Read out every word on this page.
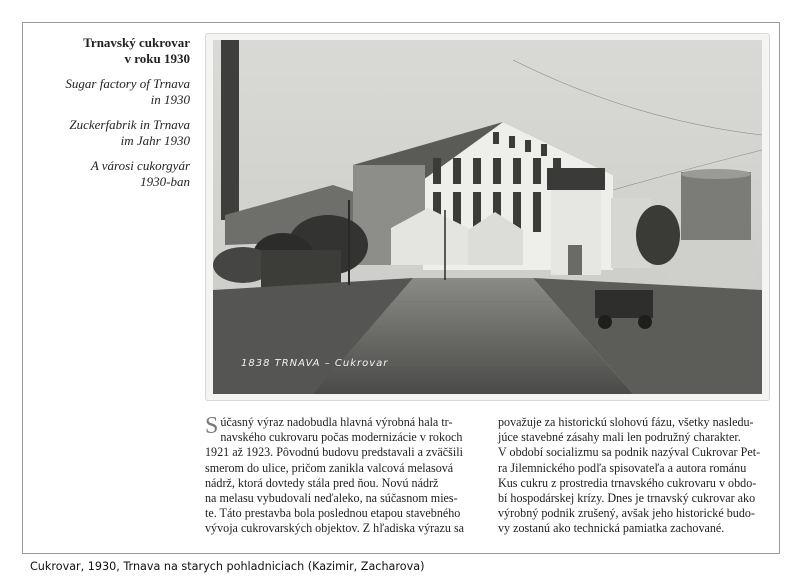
Trnavský cukrovar
v roku 1930
Sugar factory of Trnava
in 1930
Zuckerfabrik in Trnava
im Jahr 1930
A városi cukorgyár
1930-ban
1838 TRNAVA – Cukrovar
S účasný výraz nadobudla hlavná výrobná hala tr-
navského cukrovaru počas modernizácie v rokoch
1921 až 1923. Pôvodnú budovu predstavali a zväčšili
smerom do ulice, pričom zanikla valcová melasová
nádrž, ktorá dovtedy stála pred ňou. Novú nádrž
na melasu vybudovali neďaleko, na súčasnom mies-
te. Táto prestavba bola poslednou etapou stavebného
vývoja cukrovarských objektov. Z hľadiska výrazu sa
považuje za historickú slohovú fázu, všetky nasledu-
júce stavebné zásahy mali len podružný charakter.
V období socializmu sa podnik nazýval Cukrovar Pet-
ra Jilemnického podľa spisovateľa a autora románu
Kus cukru z prostredia trnavského cukrovaru v obdo-
bí hospodárskej krízy. Dnes je trnavský cukrovar ako
výrobný podnik zrušený, avšak jeho historické budo-
vy zostanú ako technická pamiatka zachované.
Cukrovar, 1930, Trnava na starych pohladniciach (Kazimir, Zacharova)
